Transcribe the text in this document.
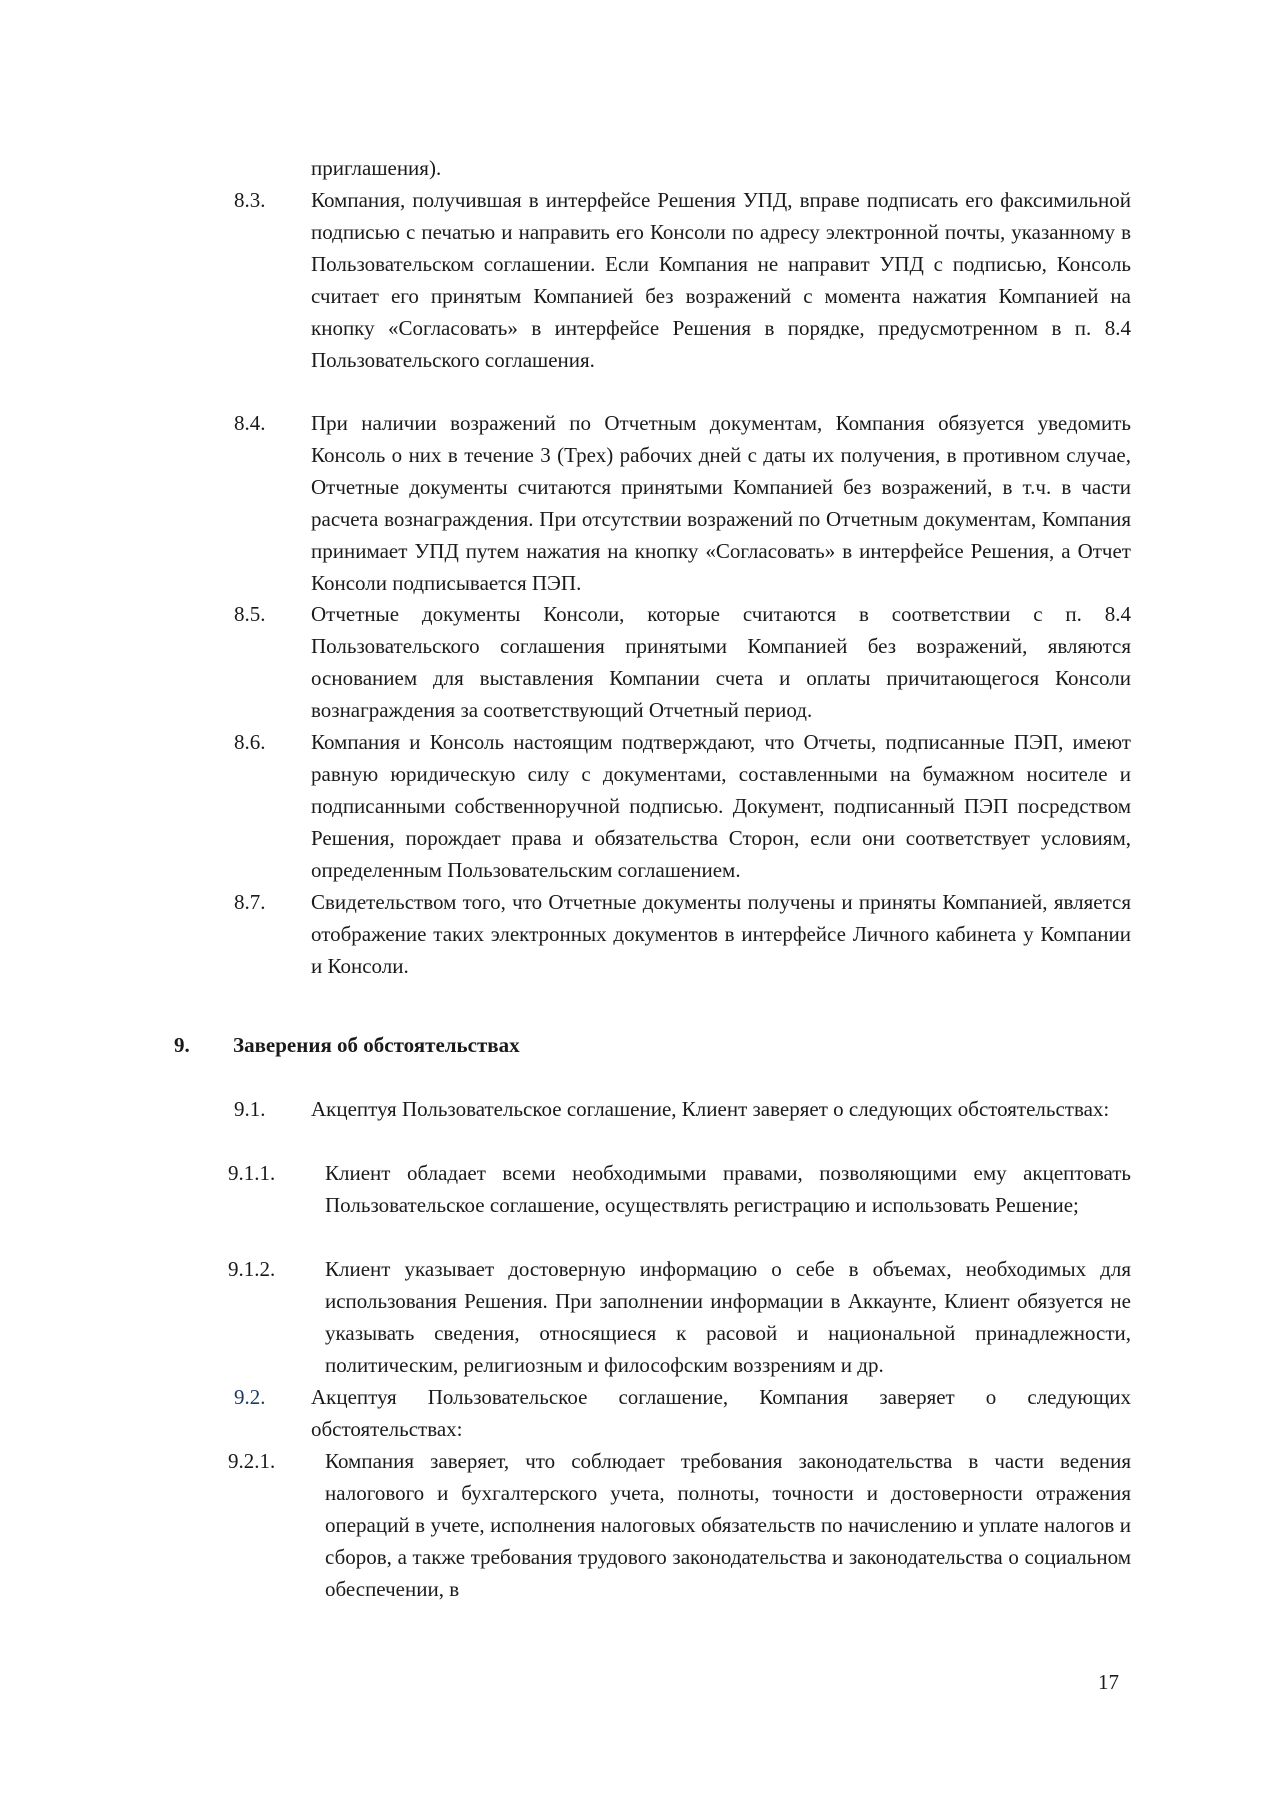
приглашения).
8.3. Компания, получившая в интерфейсе Решения УПД, вправе подписать его факсимильной подписью с печатью и направить его Консоли по адресу электронной почты, указанному в Пользовательском соглашении. Если Компания не направит УПД с подписью, Консоль считает его принятым Компанией без возражений с момента нажатия Компанией на кнопку «Согласовать» в интерфейсе Решения в порядке, предусмотренном в п. 8.4 Пользовательского соглашения.
8.4. При наличии возражений по Отчетным документам, Компания обязуется уведомить Консоль о них в течение 3 (Трех) рабочих дней с даты их получения, в противном случае, Отчетные документы считаются принятыми Компанией без возражений, в т.ч. в части расчета вознаграждения. При отсутствии возражений по Отчетным документам, Компания принимает УПД путем нажатия на кнопку «Согласовать» в интерфейсе Решения, а Отчет Консоли подписывается ПЭП.
8.5. Отчетные документы Консоли, которые считаются в соответствии с п. 8.4 Пользовательского соглашения принятыми Компанией без возражений, являются основанием для выставления Компании счета и оплаты причитающегося Консоли вознаграждения за соответствующий Отчетный период.
8.6. Компания и Консоль настоящим подтверждают, что Отчеты, подписанные ПЭП, имеют равную юридическую силу с документами, составленными на бумажном носителе и подписанными собственноручной подписью. Документ, подписанный ПЭП посредством Решения, порождает права и обязательства Сторон, если они соответствует условиям, определенным Пользовательским соглашением.
8.7. Свидетельством того, что Отчетные документы получены и приняты Компанией, является отображение таких электронных документов в интерфейсе Личного кабинета у Компании и Консоли.
9. Заверения об обстоятельствах
9.1. Акцептуя Пользовательское соглашение, Клиент заверяет о следующих обстоятельствах:
9.1.1. Клиент обладает всеми необходимыми правами, позволяющими ему акцептовать Пользовательское соглашение, осуществлять регистрацию и использовать Решение;
9.1.2. Клиент указывает достоверную информацию о себе в объемах, необходимых для использования Решения. При заполнении информации в Аккаунте, Клиент обязуется не указывать сведения, относящиеся к расовой и национальной принадлежности, политическим, религиозным и философским воззрениям и др.
9.2. Акцептуя Пользовательское соглашение, Компания заверяет о следующих обстоятельствах:
9.2.1. Компания заверяет, что соблюдает требования законодательства в части ведения налогового и бухгалтерского учета, полноты, точности и достоверности отражения операций в учете, исполнения налоговых обязательств по начислению и уплате налогов и сборов, а также требования трудового законодательства и законодательства о социальном обеспечении, в
17
